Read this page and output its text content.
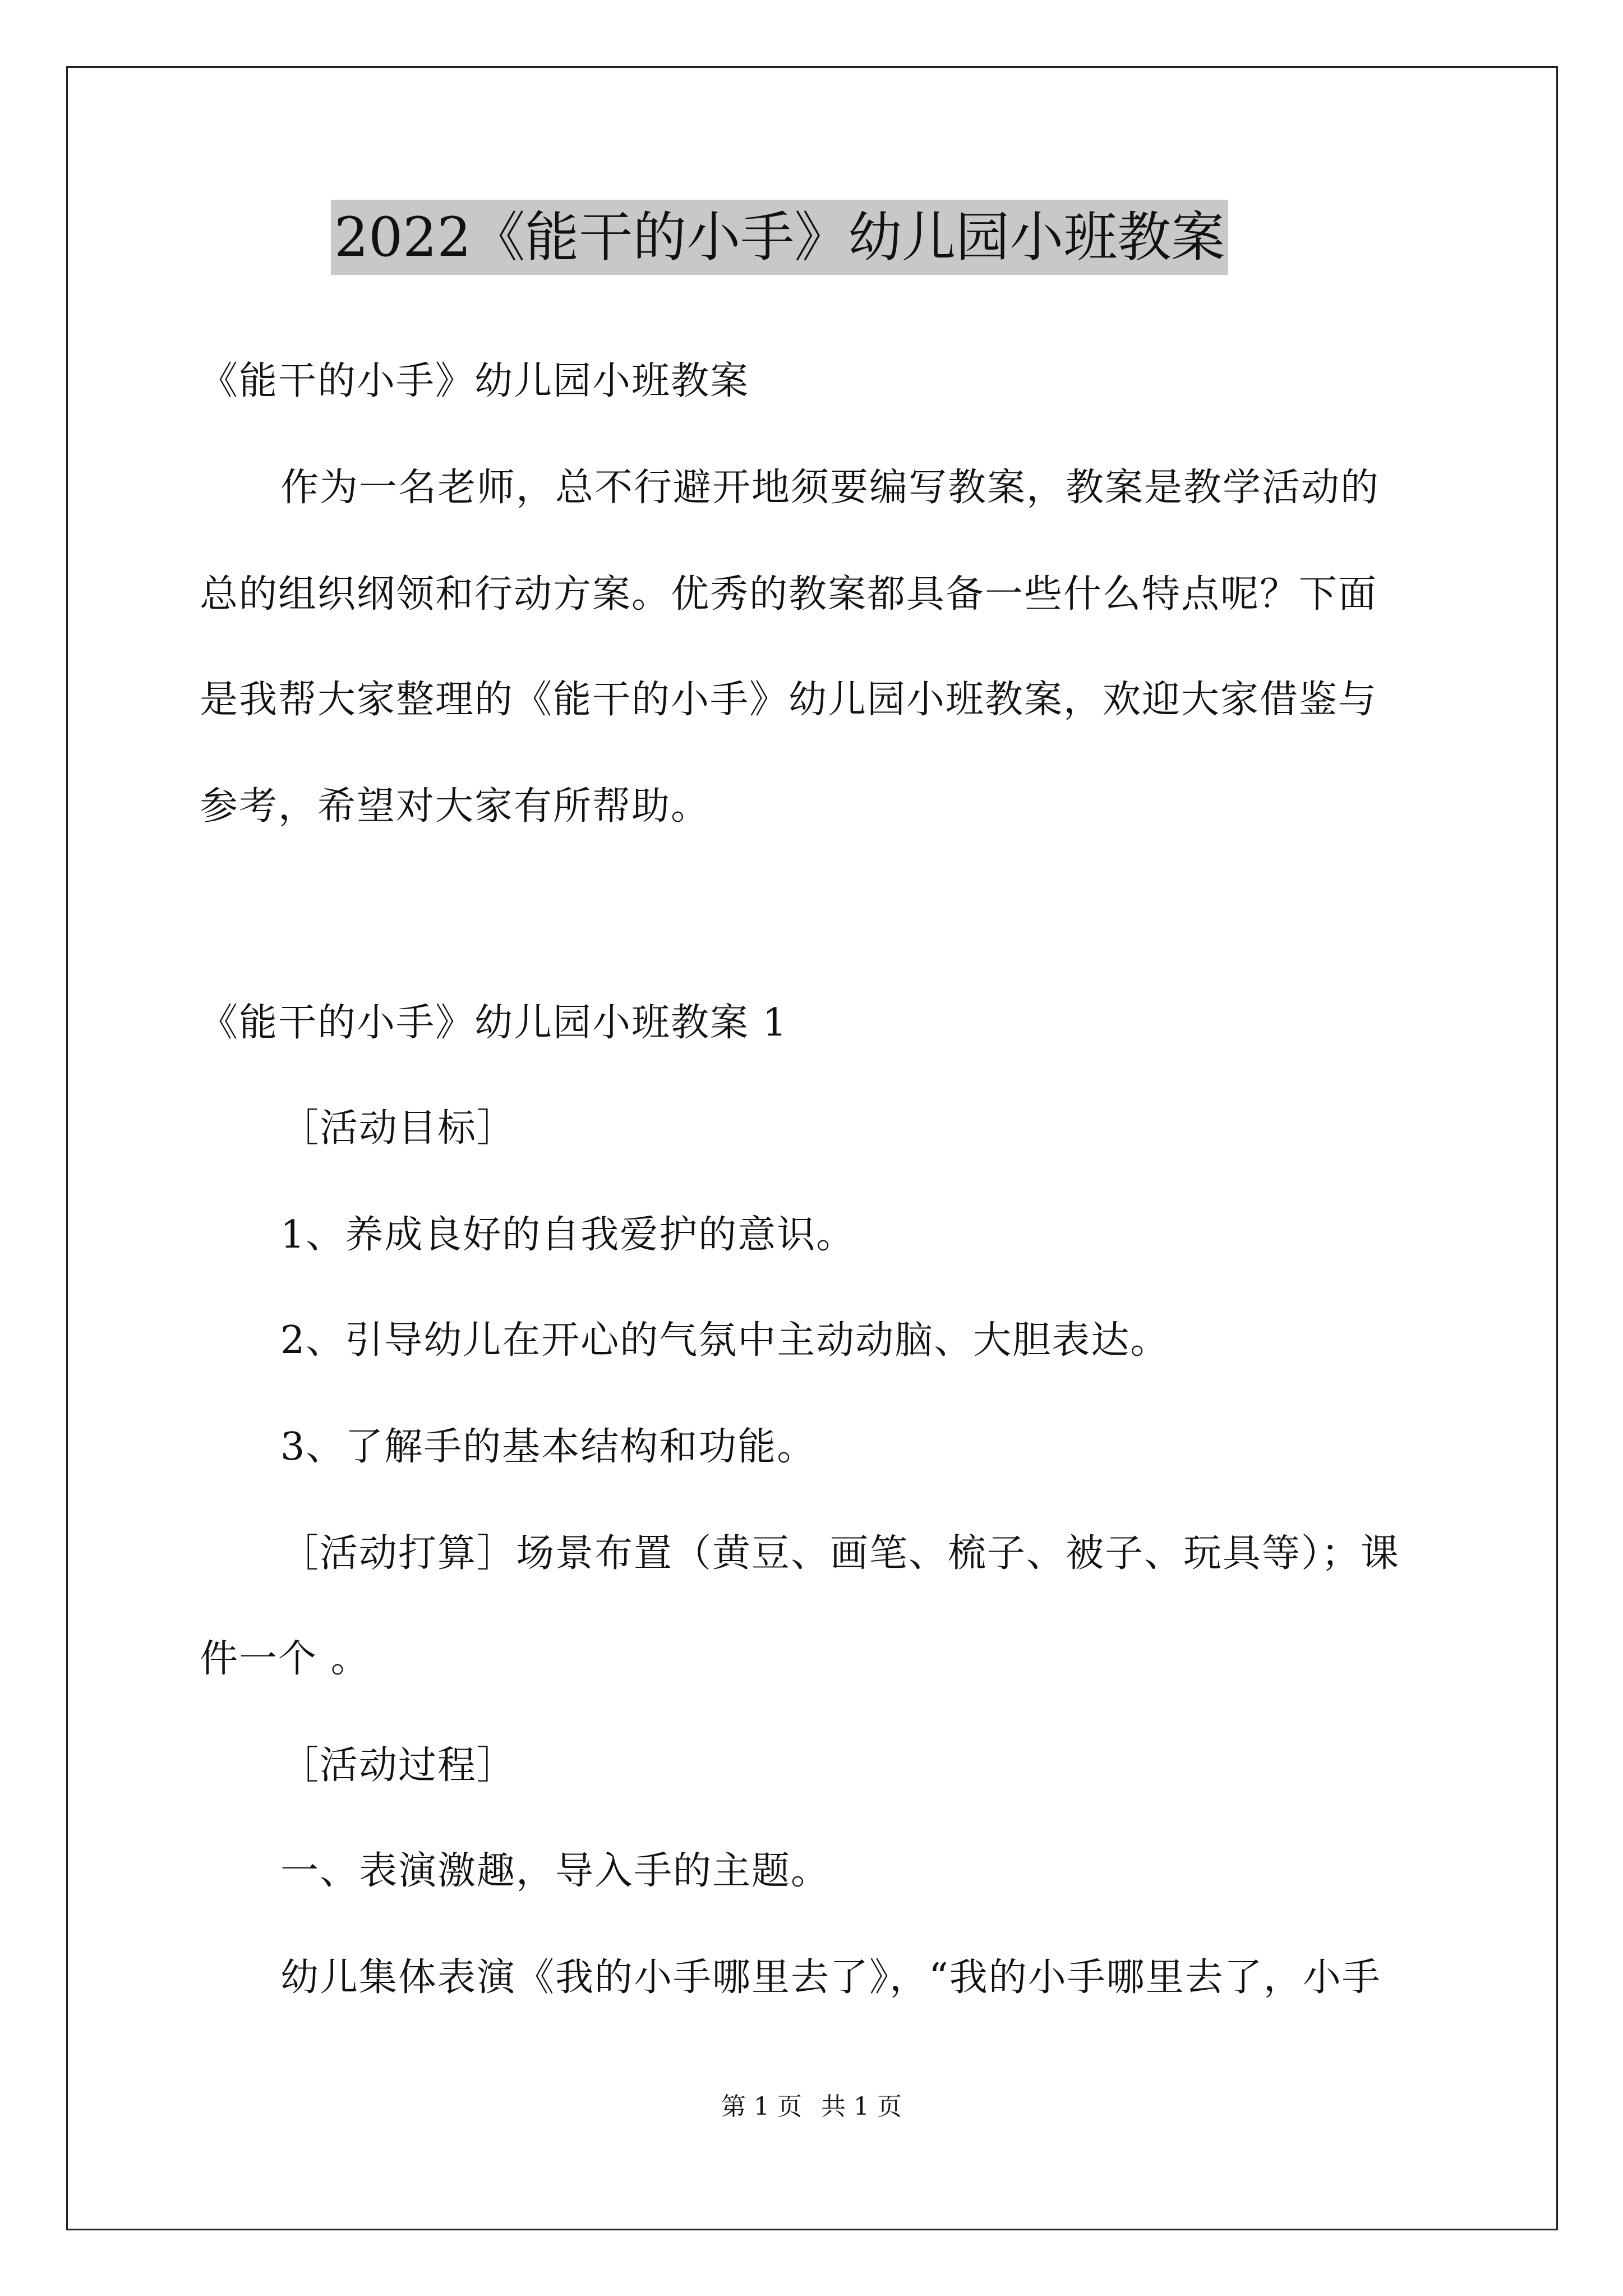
2022《能干的小手》幼儿园小班教案
《能干的小手》幼儿园小班教案
作为一名老师，总不行避开地须要编写教案，教案是教学活动的
总的组织纲领和行动方案。优秀的教案都具备一些什么特点呢？下面
是我帮大家整理的《能干的小手》幼儿园小班教案，欢迎大家借鉴与
参考，希望对大家有所帮助。
《能干的小手》幼儿园小班教案 1
［活动目标］
1、养成良好的自我爱护的意识。
2、引导幼儿在开心的气氛中主动动脑、大胆表达。
3、了解手的基本结构和功能。
［活动打算］场景布置（黄豆、画笔、梳子、被子、玩具等）；课
件一个 。
［活动过程］
一、表演激趣，导入手的主题。
幼儿集体表演《我的小手哪里去了》，“我的小手哪里去了，小手
第 1 页 共 1 页
